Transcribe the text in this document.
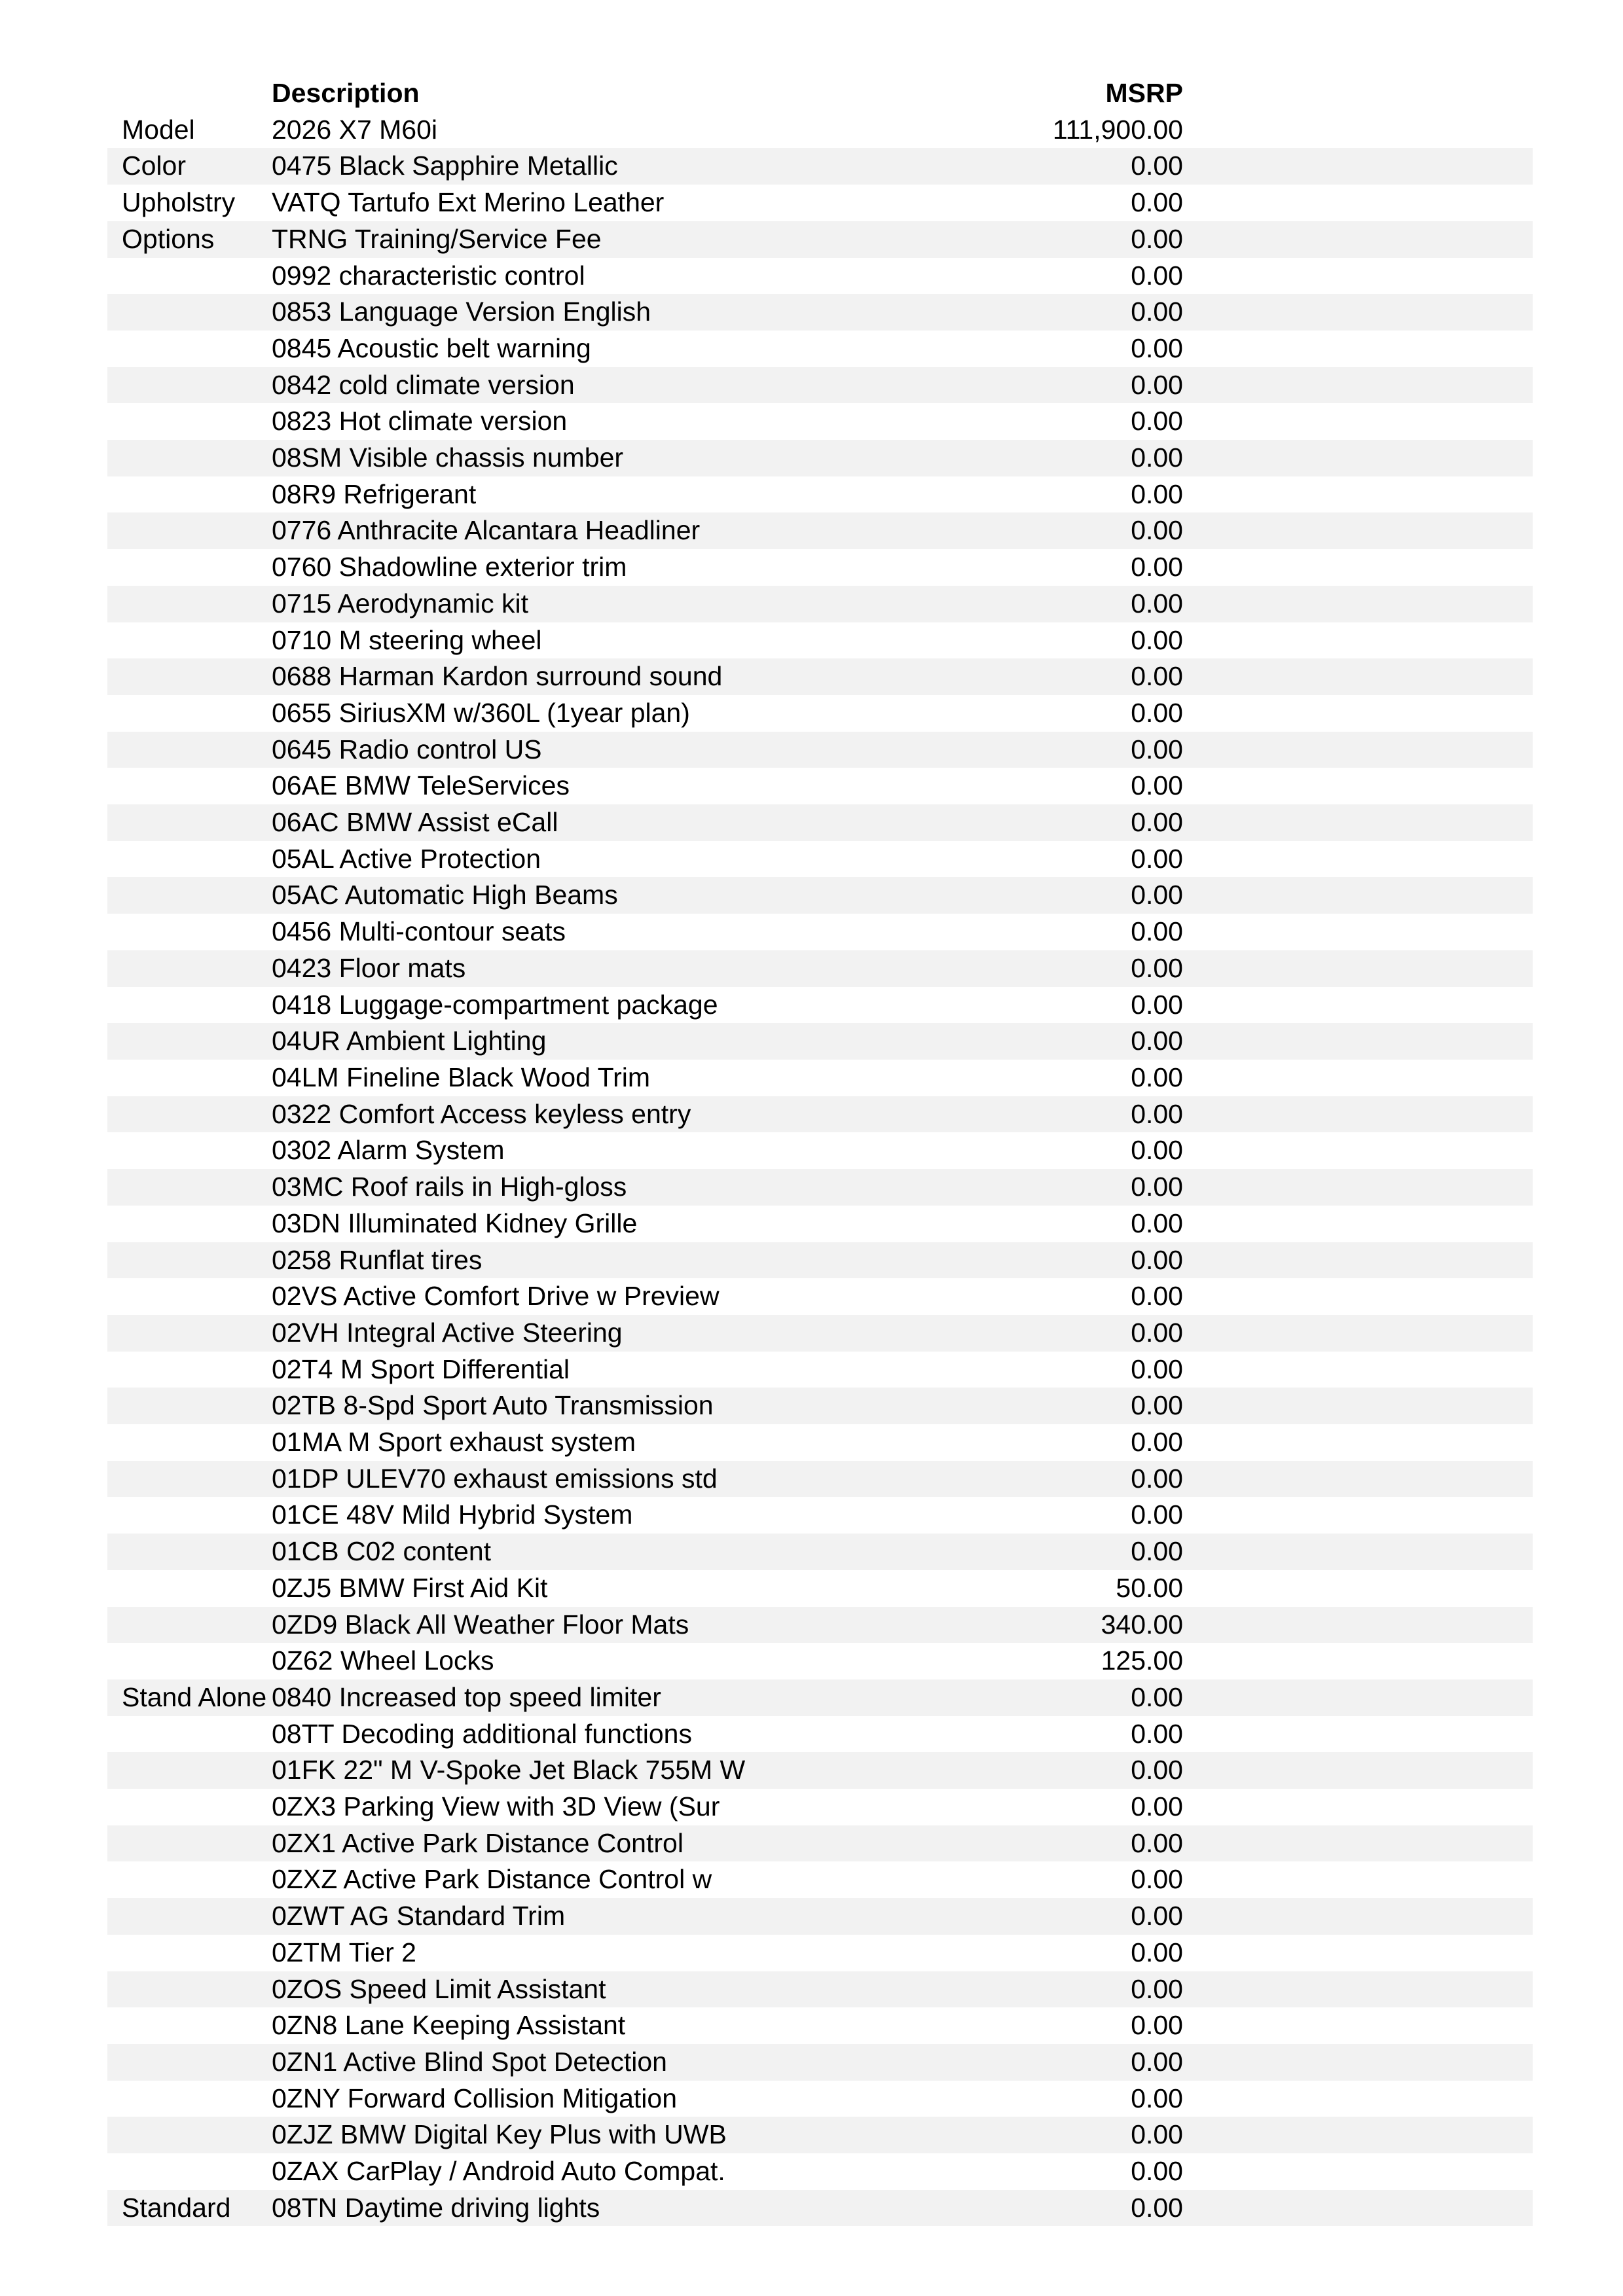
	Description	MSRP	
Model	2026 X7 M60i	111,900.00	
Color	0475 Black Sapphire Metallic	0.00	
Upholstry	VATQ Tartufo Ext Merino Leather	0.00	
Options	TRNG Training/Service Fee	0.00	
	0992 characteristic control	0.00	
	0853 Language Version English	0.00	
	0845 Acoustic belt warning	0.00	
	0842 cold climate version	0.00	
	0823 Hot climate version	0.00	
	08SM Visible chassis number	0.00	
	08R9 Refrigerant	0.00	
	0776 Anthracite Alcantara Headliner	0.00	
	0760 Shadowline exterior trim	0.00	
	0715 Aerodynamic kit	0.00	
	0710 M steering wheel	0.00	
	0688 Harman Kardon surround sound	0.00	
	0655 SiriusXM w/360L (1year plan)	0.00	
	0645 Radio control US	0.00	
	06AE BMW TeleServices	0.00	
	06AC BMW Assist eCall	0.00	
	05AL Active Protection	0.00	
	05AC Automatic High Beams	0.00	
	0456 Multi-contour seats	0.00	
	0423 Floor mats	0.00	
	0418 Luggage-compartment package	0.00	
	04UR Ambient Lighting	0.00	
	04LM Fineline Black Wood Trim	0.00	
	0322 Comfort Access keyless entry	0.00	
	0302 Alarm System	0.00	
	03MC Roof rails in High-gloss	0.00	
	03DN Illuminated Kidney Grille	0.00	
	0258 Runflat tires	0.00	
	02VS Active Comfort Drive w Preview	0.00	
	02VH Integral Active Steering	0.00	
	02T4 M Sport Differential	0.00	
	02TB 8-Spd Sport Auto Transmission	0.00	
	01MA M Sport exhaust system	0.00	
	01DP ULEV70 exhaust emissions std	0.00	
	01CE 48V Mild Hybrid System	0.00	
	01CB C02 content	0.00	
	0ZJ5 BMW First Aid Kit	50.00	
	0ZD9 Black All Weather Floor Mats	340.00	
	0Z62 Wheel Locks	125.00	
Stand Alone	0840 Increased top speed limiter	0.00	
	08TT Decoding additional functions	0.00	
	01FK 22" M V-Spoke Jet Black 755M W	0.00	
	0ZX3 Parking View with 3D View (Sur	0.00	
	0ZX1 Active Park Distance Control	0.00	
	0ZXZ Active Park Distance Control w	0.00	
	0ZWT AG Standard Trim	0.00	
	0ZTM Tier 2	0.00	
	0ZOS Speed Limit Assistant	0.00	
	0ZN8 Lane Keeping Assistant	0.00	
	0ZN1 Active Blind Spot Detection	0.00	
	0ZNY Forward Collision Mitigation	0.00	
	0ZJZ BMW Digital Key Plus with UWB	0.00	
	0ZAX CarPlay / Android Auto Compat.	0.00	
Standard	08TN Daytime driving lights	0.00	
